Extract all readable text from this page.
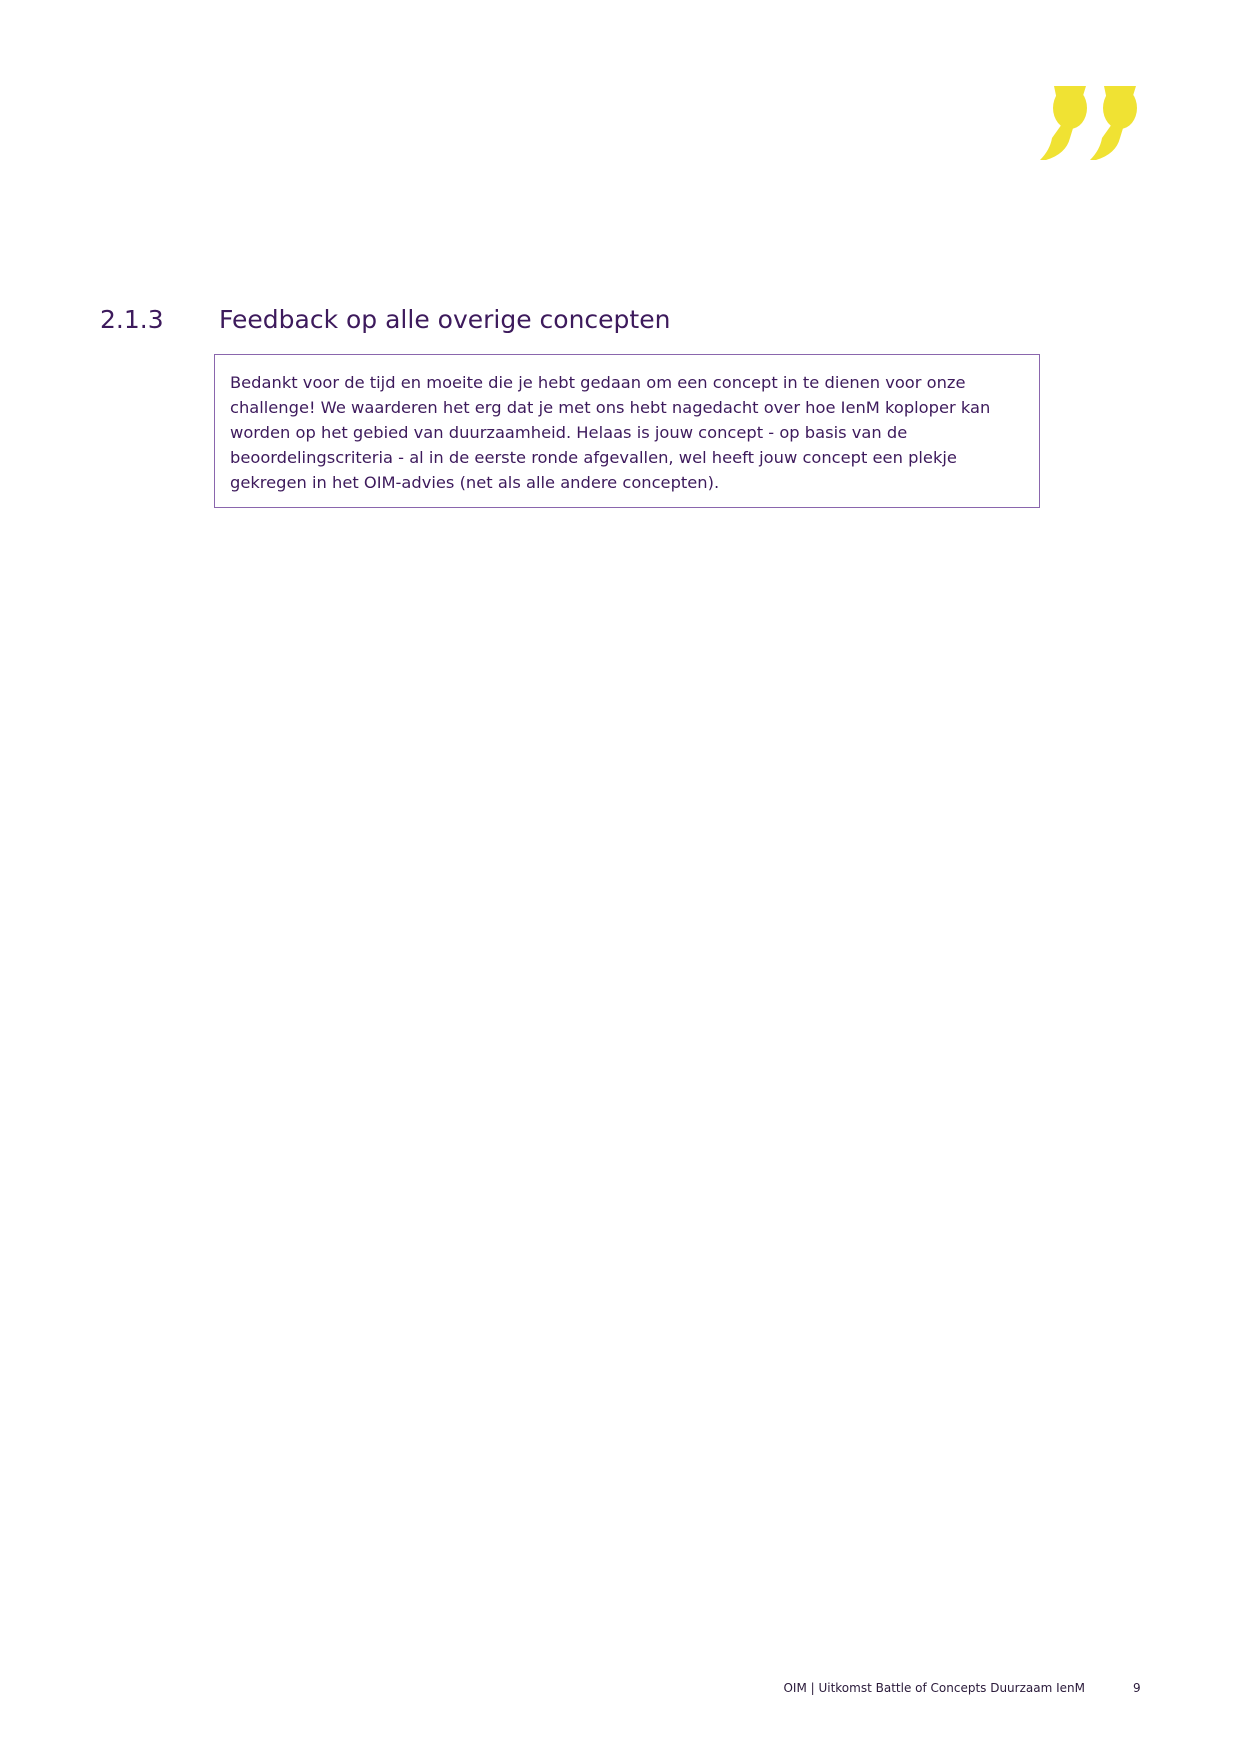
2.1.3 Feedback op alle overige concepten

Bedankt voor de tijd en moeite die je hebt gedaan om een concept in te dienen voor onze challenge! We waarderen het erg dat je met ons hebt nagedacht over hoe IenM koploper kan worden op het gebied van duurzaamheid. Helaas is jouw concept - op basis van de beoordelingscriteria - al in de eerste ronde afgevallen, wel heeft jouw concept een plekje gekregen in het OIM-advies (net als alle andere concepten).

OIM | Uitkomst Battle of Concepts Duurzaam IenM	9
